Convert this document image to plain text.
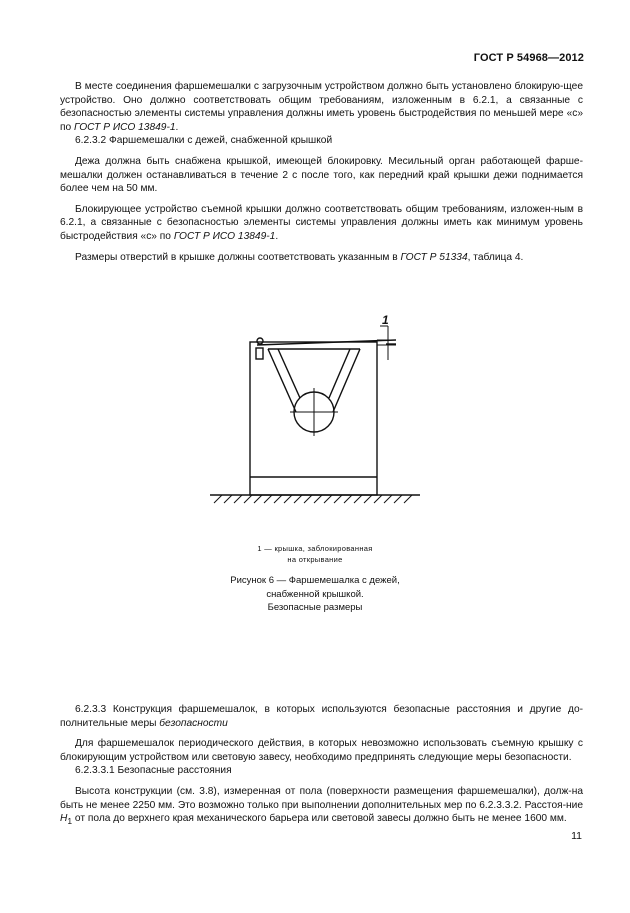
ГОСТ Р 54968—2012

В месте соединения фаршемешалки с загрузочным устройством должно быть установлено блокирую-щее устройство. Оно должно соответствовать общим требованиям, изложенным в 6.2.1, а связанные с безопасностью элементы системы управления должны иметь уровень быстродействия по меньшей мере «с» по ГОСТ Р ИСО 13849-1.

6.2.3.2 Фаршемешалки с дежей, снабженной крышкой

Дежа должна быть снабжена крышкой, имеющей блокировку. Месильный орган работающей фарше-мешалки должен останавливаться в течение 2 с после того, как передний край крышки дежи поднимается более чем на 50 мм.

Блокирующее устройство съемной крышки должно соответствовать общим требованиям, изложен-ным в 6.2.1, а связанные с безопасностью элементы системы управления должны иметь как минимум уровень быстродействия «с» по ГОСТ Р ИСО 13849-1.

Размеры отверстий в крышке должны соответствовать указанным в ГОСТ Р 51334, таблица 4.

1
1 — крышка, заблокированная
на открывание
Рисунок 6 — Фаршемешалка с дежей,
снабженной крышкой.
Безопасные размеры

6.2.3.3 Конструкция фаршемешалок, в которых используются безопасные расстояния и другие до-полнительные меры безопасности

Для фаршемешалок периодического действия, в которых невозможно использовать съемную крышку с блокирующим устройством или световую завесу, необходимо предпринять следующие меры безопасности.

6.2.3.3.1 Безопасные расстояния

Высота конструкции (см. 3.8), измеренная от пола (поверхности размещения фаршемешалки), долж-на быть не менее 2250 мм. Это возможно только при выполнении дополнительных мер по 6.2.3.3.2. Расстоя-ние $H_1$ от пола до верхнего края механического барьера или световой завесы должно быть не менее 1600 мм.

11
